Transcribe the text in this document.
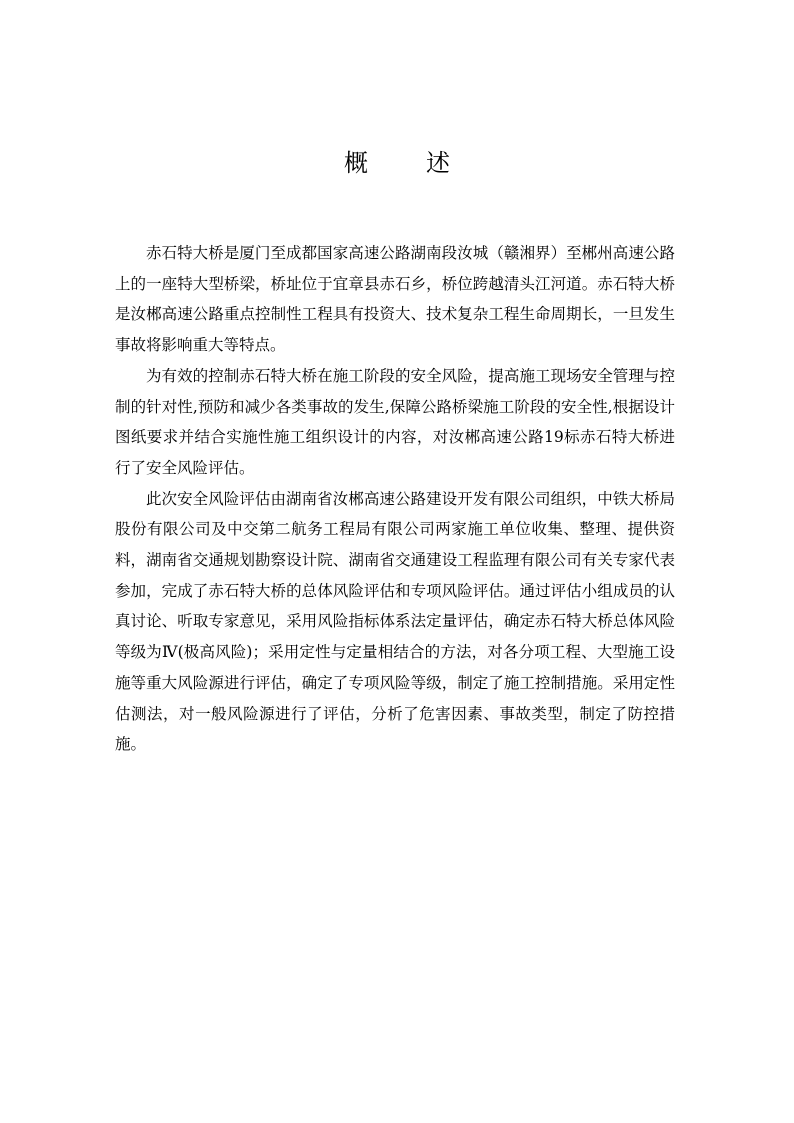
概 述

赤石特大桥是厦门至成都国家高速公路湖南段汝城（赣湘界）至郴州高速公路上的一座特大型桥梁，桥址位于宜章县赤石乡，桥位跨越清头江河道。赤石特大桥是汝郴高速公路重点控制性工程具有投资大、技术复杂工程生命周期长，一旦发生事故将影响重大等特点。

为有效的控制赤石特大桥在施工阶段的安全风险，提高施工现场安全管理与控制的针对性,预防和减少各类事故的发生,保障公路桥梁施工阶段的安全性,根据设计图纸要求并结合实施性施工组织设计的内容，对汝郴高速公路19标赤石特大桥进行了安全风险评估。

此次安全风险评估由湖南省汝郴高速公路建设开发有限公司组织，中铁大桥局股份有限公司及中交第二航务工程局有限公司两家施工单位收集、整理、提供资料，湖南省交通规划勘察设计院、湖南省交通建设工程监理有限公司有关专家代表参加，完成了赤石特大桥的总体风险评估和专项风险评估。通过评估小组成员的认真讨论、听取专家意见，采用风险指标体系法定量评估，确定赤石特大桥总体风险等级为Ⅳ(极高风险)；采用定性与定量相结合的方法，对各分项工程、大型施工设施等重大风险源进行评估，确定了专项风险等级，制定了施工控制措施。采用定性估测法，对一般风险源进行了评估，分析了危害因素、事故类型，制定了防控措施。
